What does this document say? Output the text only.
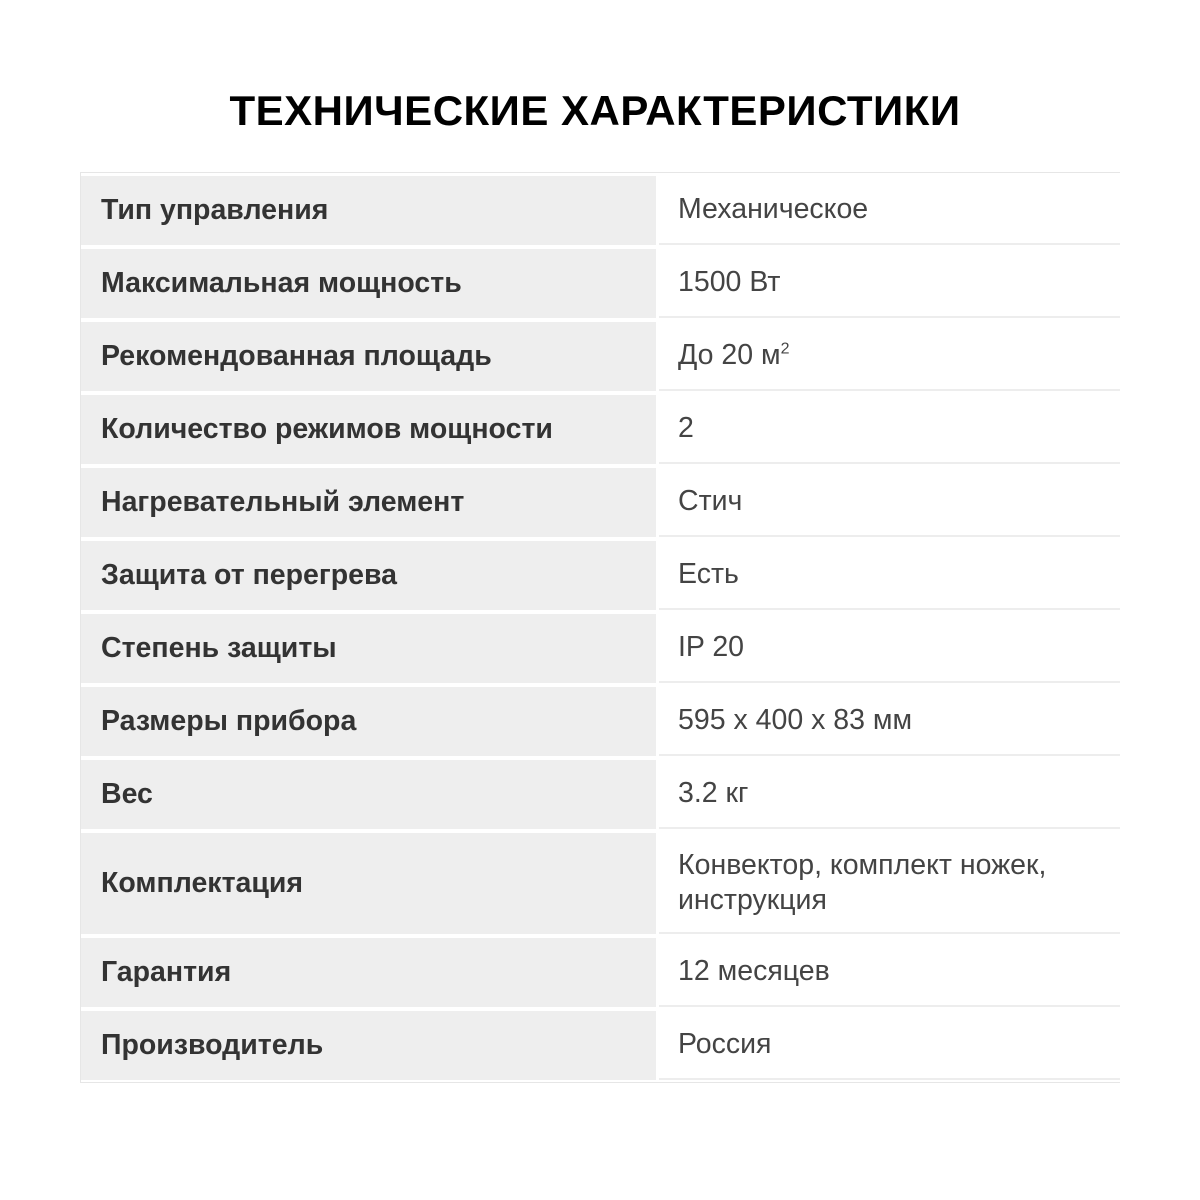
ТЕХНИЧЕСКИЕ ХАРАКТЕРИСТИКИ
Тип управления	Механическое

Максимальная мощность	1500 Вт

Рекомендованная площадь	До 20 $м^2$

Количество режимов мощности	2

Нагревательный элемент	Стич

Защита от перегрева	Есть

Степень защиты	IP 20

Размеры прибора	595 x 400 x 83 мм

Вес	3.2 кг

Комплектация	Конвектор, комплект ножек, инструкция

Гарантия	12 месяцев

Производитель	Россия
